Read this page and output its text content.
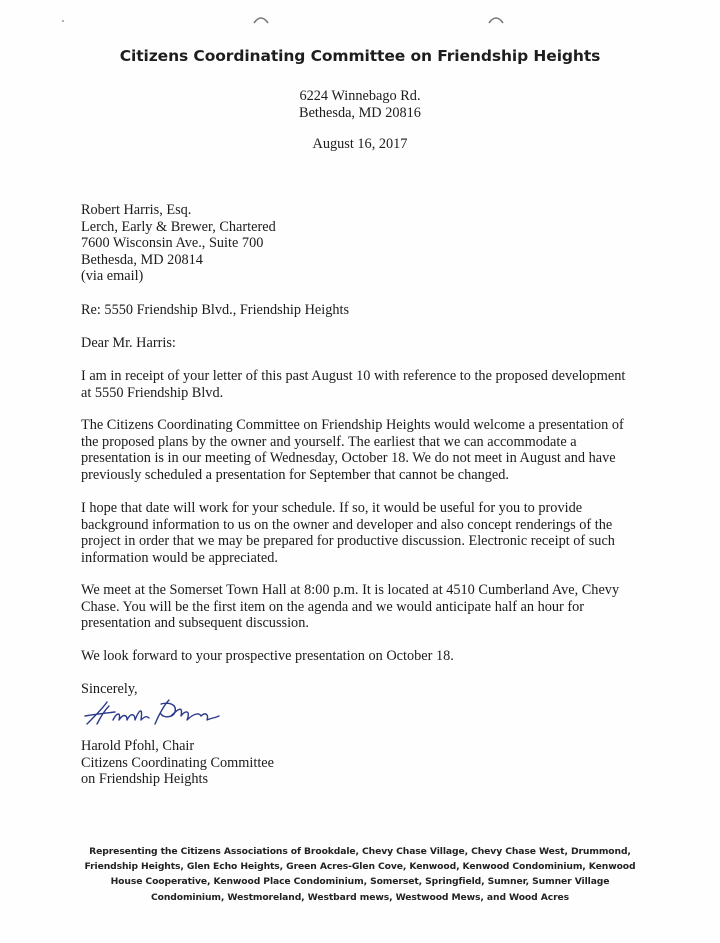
Citizens Coordinating Committee on Friendship Heights
6224 Winnebago Rd.
Bethesda, MD 20816
August 16, 2017
Robert Harris, Esq.
Lerch, Early & Brewer, Chartered
7600 Wisconsin Ave., Suite 700
Bethesda, MD 20814
(via email)
Re: 5550 Friendship Blvd., Friendship Heights
Dear Mr. Harris:
I am in receipt of your letter of this past August 10 with reference to the proposed development
at 5550 Friendship Blvd.
The Citizens Coordinating Committee on Friendship Heights would welcome a presentation of
the proposed plans by the owner and yourself. The earliest that we can accommodate a
presentation is in our meeting of Wednesday, October 18. We do not meet in August and have
previously scheduled a presentation for September that cannot be changed.
I hope that date will work for your schedule. If so, it would be useful for you to provide
background information to us on the owner and developer and also concept renderings of the
project in order that we may be prepared for productive discussion. Electronic receipt of such
information would be appreciated.
We meet at the Somerset Town Hall at 8:00 p.m. It is located at 4510 Cumberland Ave, Chevy
Chase. You will be the first item on the agenda and we would anticipate half an hour for
presentation and subsequent discussion.
We look forward to your prospective presentation on October 18.
Sincerely,
Harold Pfohl, Chair
Citizens Coordinating Committee
on Friendship Heights
Representing the Citizens Associations of Brookdale, Chevy Chase Village, Chevy Chase West, Drummond,
Friendship Heights, Glen Echo Heights, Green Acres-Glen Cove, Kenwood, Kenwood Condominium, Kenwood
House Cooperative, Kenwood Place Condominium, Somerset, Springfield, Sumner, Sumner Village
Condominium, Westmoreland, Westbard mews, Westwood Mews, and Wood Acres
